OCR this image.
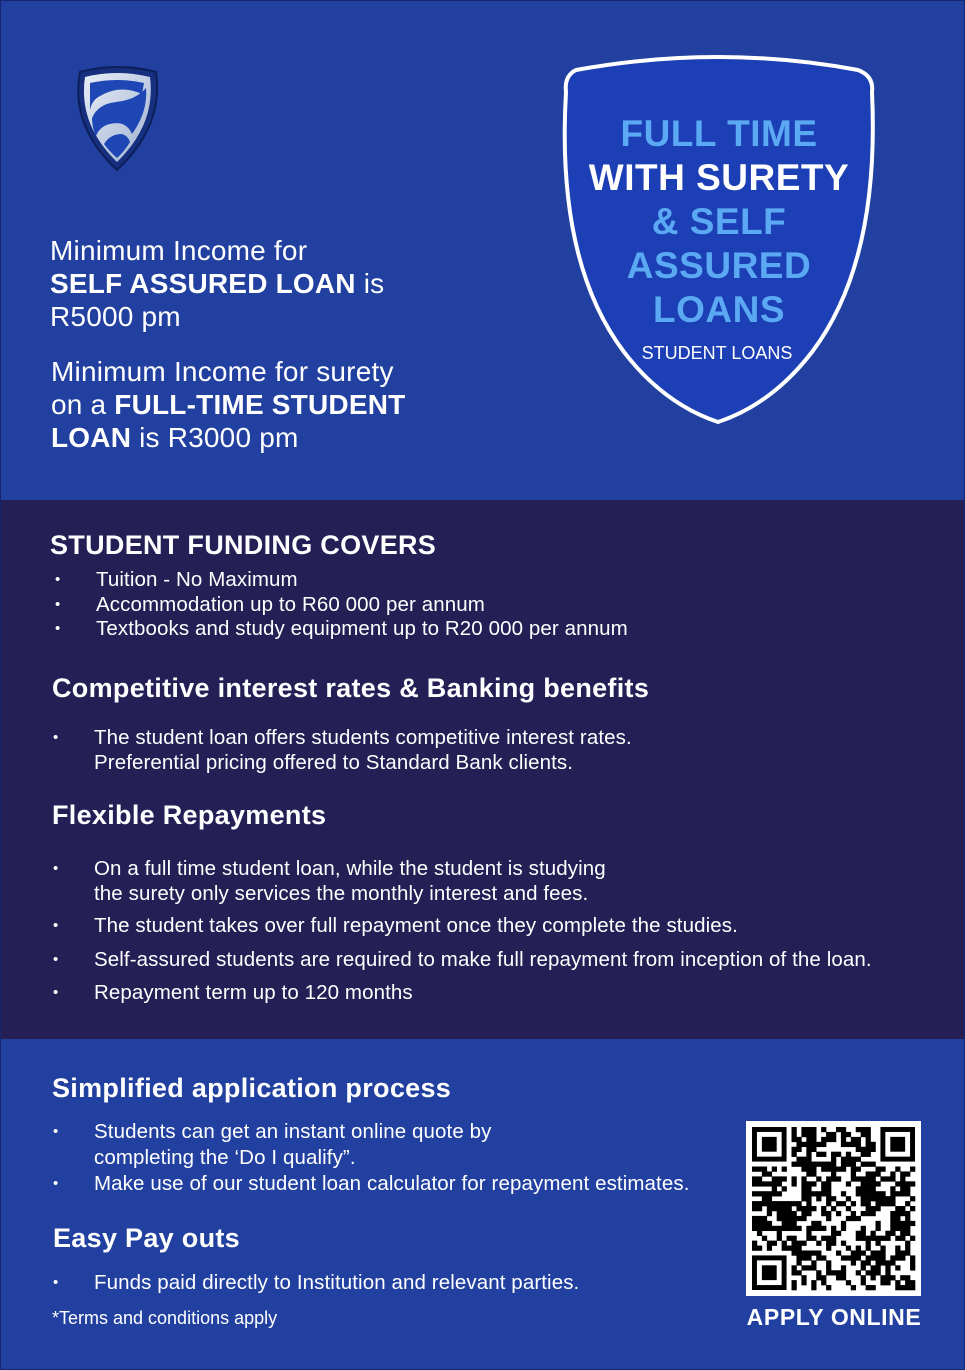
Minimum Income for
SELF ASSURED LOAN is
R5000 pm
Minimum Income for surety
on a FULL-TIME STUDENT
LOAN is R3000 pm
FULL TIME
WITH SURETY
& SELF
ASSURED
LOANS
STUDENT LOANS
STUDENT FUNDING COVERS
• Tuition - No Maximum
• Accommodation up to R60 000 per annum
• Textbooks and study equipment up to R20 000 per annum
Competitive interest rates & Banking benefits
• The student loan offers students competitive interest rates.
Preferential pricing offered to Standard Bank clients.
Flexible Repayments
• On a full time student loan, while the student is studying
the surety only services the monthly interest and fees.
• The student takes over full repayment once they complete the studies.
• Self-assured students are required to make full repayment from inception of the loan.
• Repayment term up to 120 months
Simplified application process
• Students can get an instant online quote by
completing the ‘Do I qualify”.
• Make use of our student loan calculator for repayment estimates.
Easy Pay outs
• Funds paid directly to Institution and relevant parties.
*Terms and conditions apply	APPLY ONLINE
